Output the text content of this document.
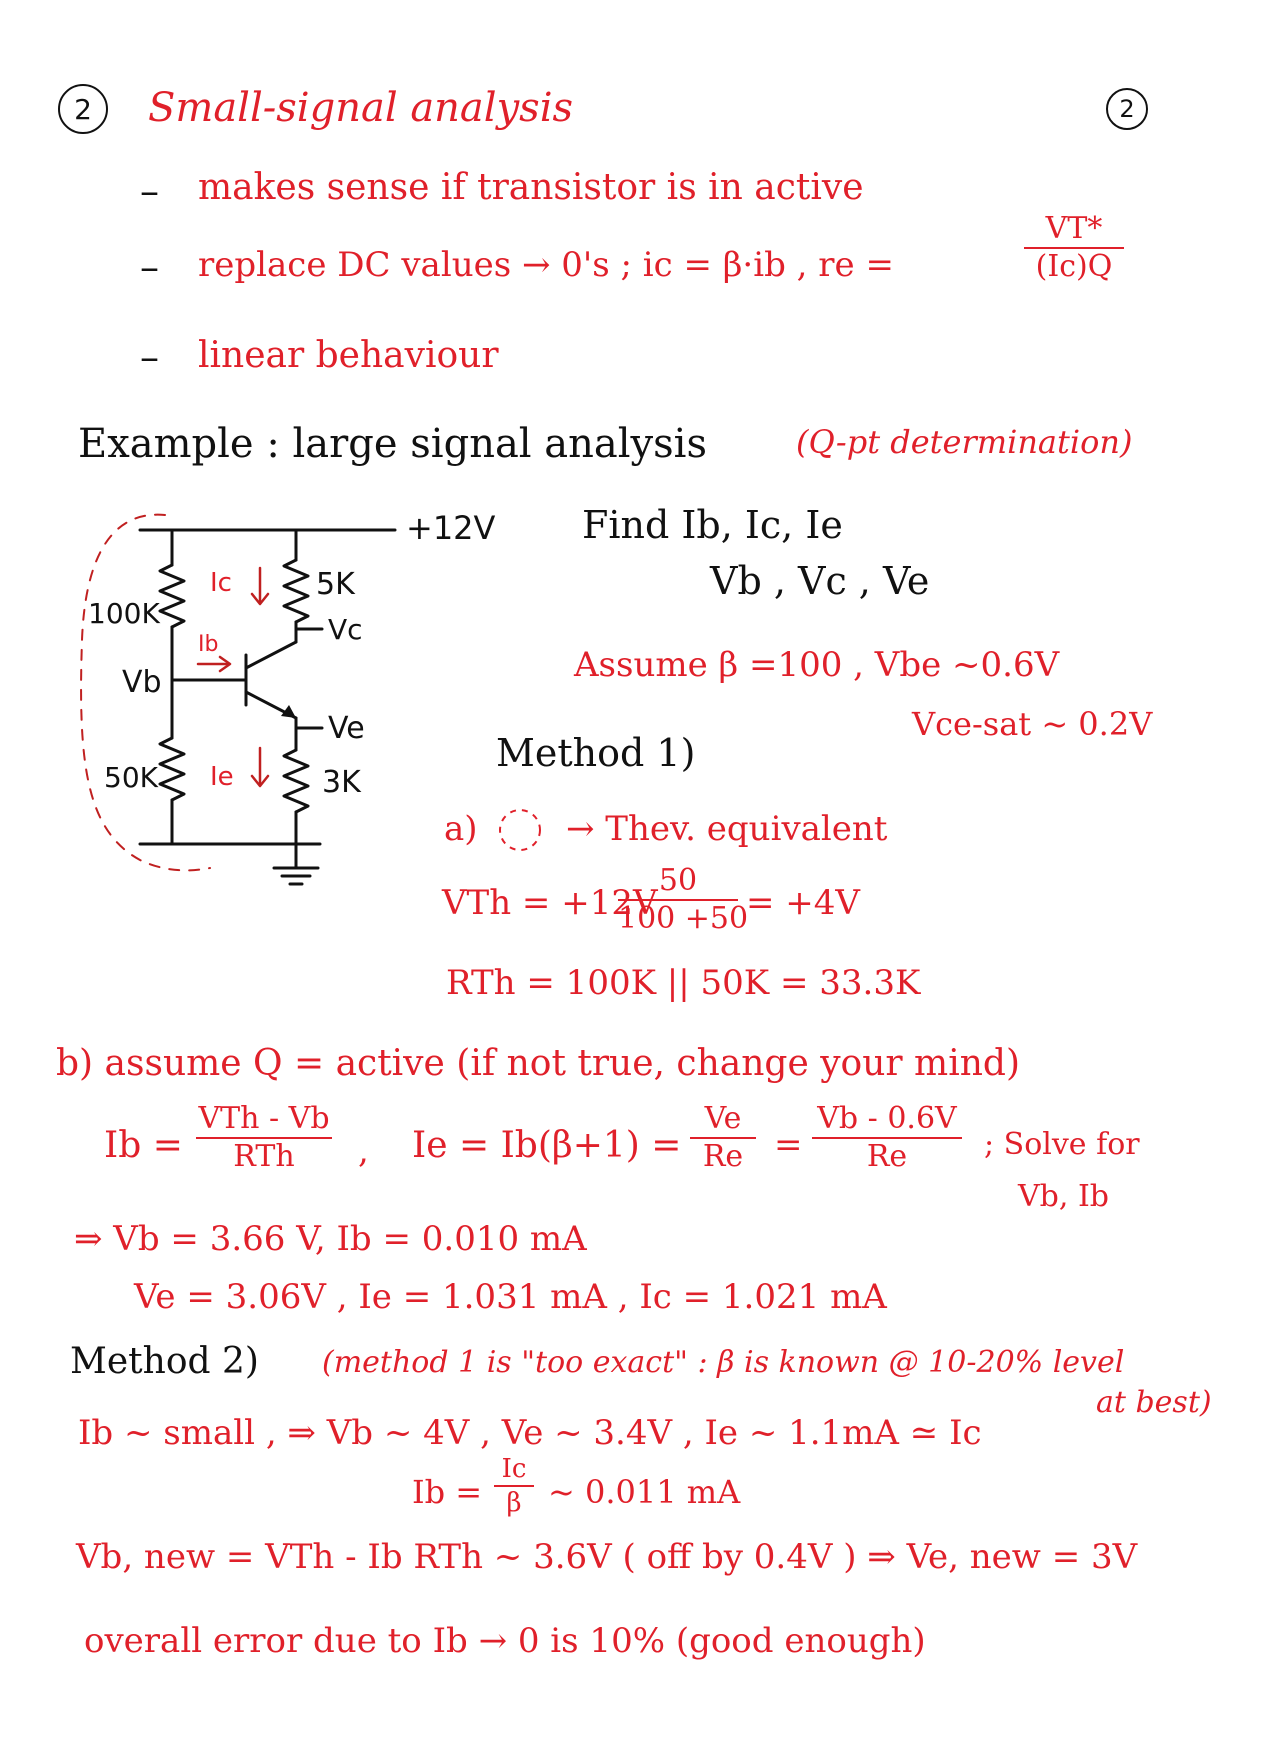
2 Small-signal analysis	2
– makes sense if transistor is in active
– replace DC values → 0's ; ic = β·ib , re =
VT*
(Ic)Q
– linear behaviour
Example : large signal analysis	(Q-pt determination)
+12V
100K
50K
5K
3K
Vb
Vc
Ve
Ic
Ib
Ie
Find Ib, Ic, Ie
Vb , Vc , Ve
Assume β =100 , Vbe ~0.6V
Vce-sat ~ 0.2V
Method 1)
a)	→ Thev. equivalent
VTh = +12V
50
100 +50
= +4V
RTh = 100K || 50K = 33.3K
b) assume Q = active (if not true, change your mind)
Ib =
VTh - Vb
RTh	, Ie = Ib(β+1) =
Ve
Re =
Vb - 0.6V
Re	; Solve for
Vb, Ib
⇒ Vb = 3.66 V, Ib = 0.010 mA
Ve = 3.06V , Ie = 1.031 mA , Ic = 1.021 mA
Method 2) (method 1 is "too exact" : β is known @ 10-20% level
at best)
Ib ~ small , ⇒ Vb ~ 4V , Ve ~ 3.4V , Ie ~ 1.1mA ≃ Ic
Ib =
Ic
β ~ 0.011 mA
Vb, new = VTh - Ib RTh ~ 3.6V ( off by 0.4V ) ⇒ Ve, new = 3V
overall error due to Ib → 0 is 10% (good enough)
